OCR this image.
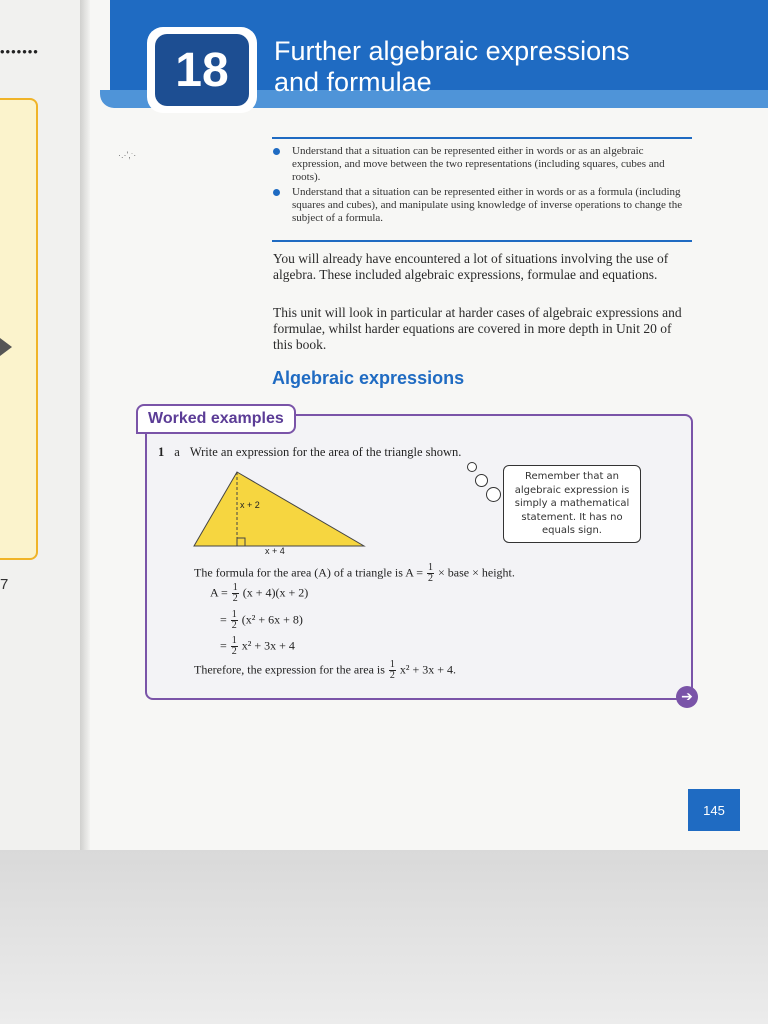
•••••••
7
18	Further algebraic expressions
and formulae
·.·',ˑ·	Understand that a situation can be represented either in words or as an algebraic expression, and move between the two representations (including squares, cubes and roots).
Understand that a situation can be represented either in words or as a formula (including squares and cubes), and manipulate using knowledge of inverse operations to change the subject of a formula.

You will already have encountered a lot of situations involving the use of algebra. These included algebraic expressions, formulae and equations.

This unit will look in particular at harder cases of algebraic expressions and formulae, whilst harder equations are covered in more depth in Unit 20 of this book.

Algebraic expressions
Worked examples
1 a Write an expression for the area of the triangle shown.
x + 2
x + 4
Remember that an algebraic expression is simply a mathematical statement. It has no equals sign.
The formula for the area (A) of a triangle is $A = \frac{1}{2}$ × base × height.
$A = \frac{1}{2} (x + 4)(x + 2)$
= $\frac{1}{2} (x^2 + 6x + 8)$
= $\frac{1}{2} x^2 + 3x + 4$
Therefore, the expression for the area is $\frac{1}{2} x^2 + 3x + 4$.
➔
145
